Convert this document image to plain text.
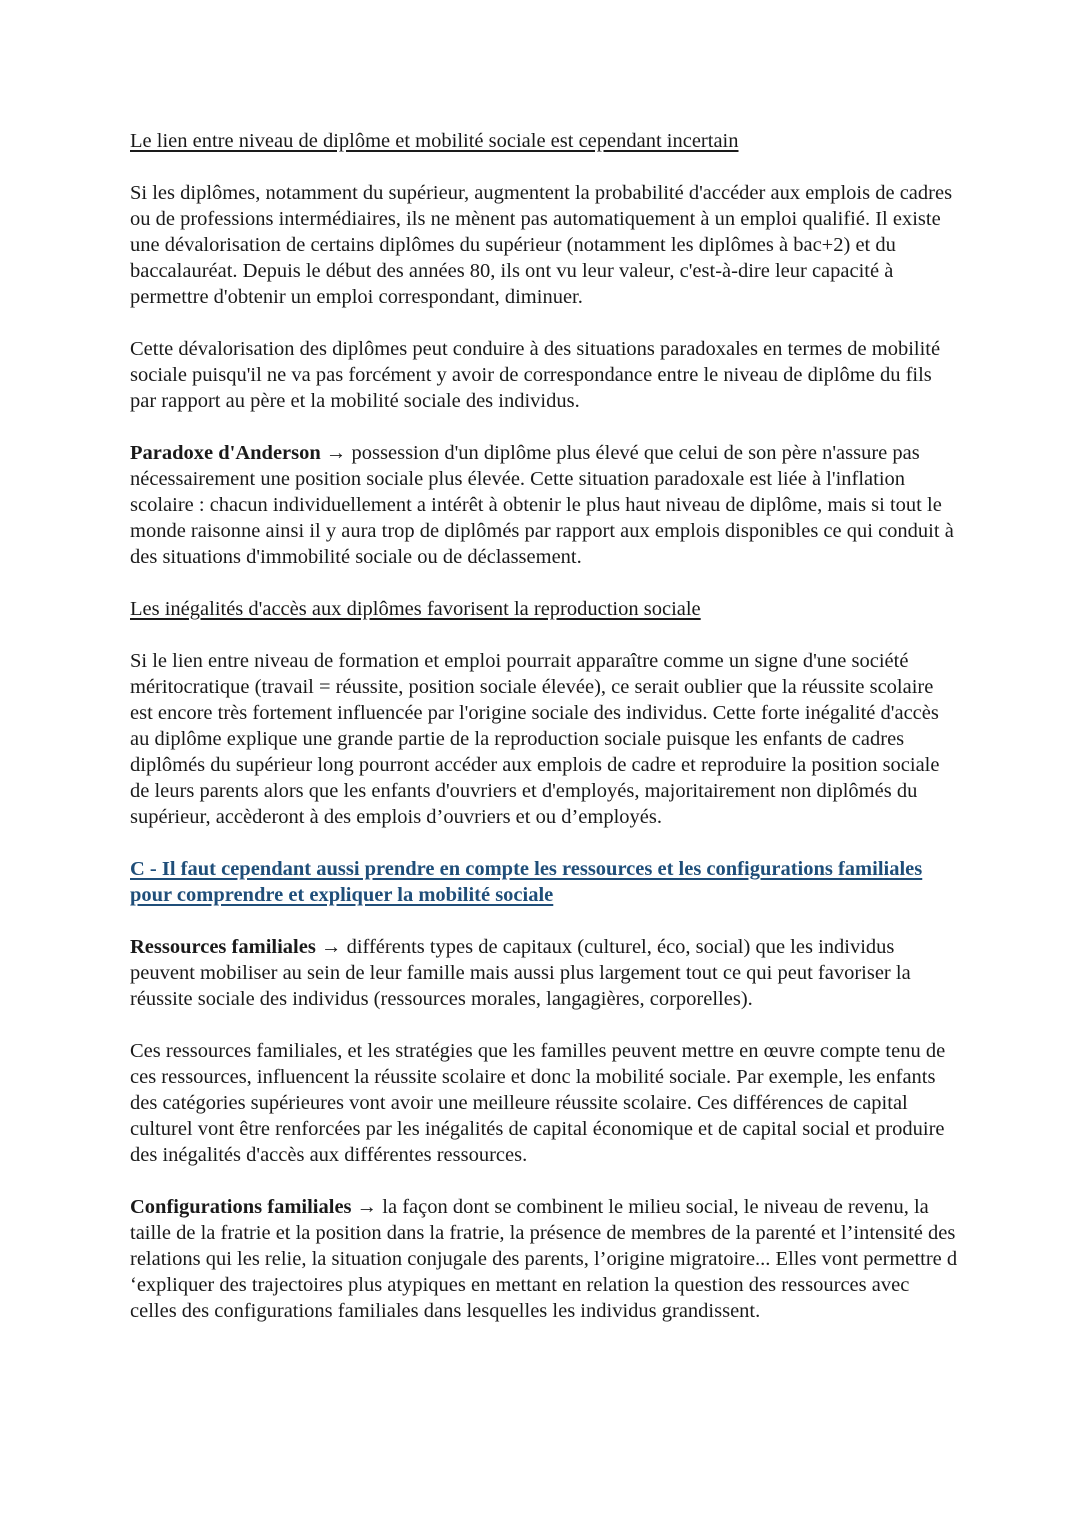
Le lien entre niveau de diplôme et mobilité sociale est cependant incertain

Si les diplômes, notamment du supérieur, augmentent la probabilité d'accéder aux emplois de cadres ou de professions intermédiaires, ils ne mènent pas automatiquement à un emploi qualifié. Il existe une dévalorisation de certains diplômes du supérieur (notamment les diplômes à bac+2) et du baccalauréat. Depuis le début des années 80, ils ont vu leur valeur, c'est-à-dire leur capacité à permettre d'obtenir un emploi correspondant, diminuer.

Cette dévalorisation des diplômes peut conduire à des situations paradoxales en termes de mobilité sociale puisqu'il ne va pas forcément y avoir de correspondance entre le niveau de diplôme du fils par rapport au père et la mobilité sociale des individus.

Paradoxe d'Anderson → possession d'un diplôme plus élevé que celui de son père n'assure pas nécessairement une position sociale plus élevée. Cette situation paradoxale est liée à l'inflation scolaire : chacun individuellement a intérêt à obtenir le plus haut niveau de diplôme, mais si tout le monde raisonne ainsi il y aura trop de diplômés par rapport aux emplois disponibles ce qui conduit à des situations d'immobilité sociale ou de déclassement.

Les inégalités d'accès aux diplômes favorisent la reproduction sociale

Si le lien entre niveau de formation et emploi pourrait apparaître comme un signe d'une société méritocratique (travail = réussite, position sociale élevée), ce serait oublier que la réussite scolaire est encore très fortement influencée par l'origine sociale des individus. Cette forte inégalité d'accès au diplôme explique une grande partie de la reproduction sociale puisque les enfants de cadres diplômés du supérieur long pourront accéder aux emplois de cadre et reproduire la position sociale de leurs parents alors que les enfants d'ouvriers et d'employés, majoritairement non diplômés du supérieur, accèderont à des emplois d’ouvriers et ou d’employés.

C - Il faut cependant aussi prendre en compte les ressources et les configurations familiales pour comprendre et expliquer la mobilité sociale

Ressources familiales → différents types de capitaux (culturel, éco, social) que les individus peuvent mobiliser au sein de leur famille mais aussi plus largement tout ce qui peut favoriser la réussite sociale des individus (ressources morales, langagières, corporelles).

Ces ressources familiales, et les stratégies que les familles peuvent mettre en œuvre compte tenu de ces ressources, influencent la réussite scolaire et donc la mobilité sociale. Par exemple, les enfants des catégories supérieures vont avoir une meilleure réussite scolaire. Ces différences de capital culturel vont être renforcées par les inégalités de capital économique et de capital social et produire des inégalités d'accès aux différentes ressources.

Configurations familiales → la façon dont se combinent le milieu social, le niveau de revenu, la taille de la fratrie et la position dans la fratrie, la présence de membres de la parenté et l’intensité des relations qui les relie, la situation conjugale des parents, l’origine migratoire... Elles vont permettre d ‘expliquer des trajectoires plus atypiques en mettant en relation la question des ressources avec celles des configurations familiales dans lesquelles les individus grandissent.
